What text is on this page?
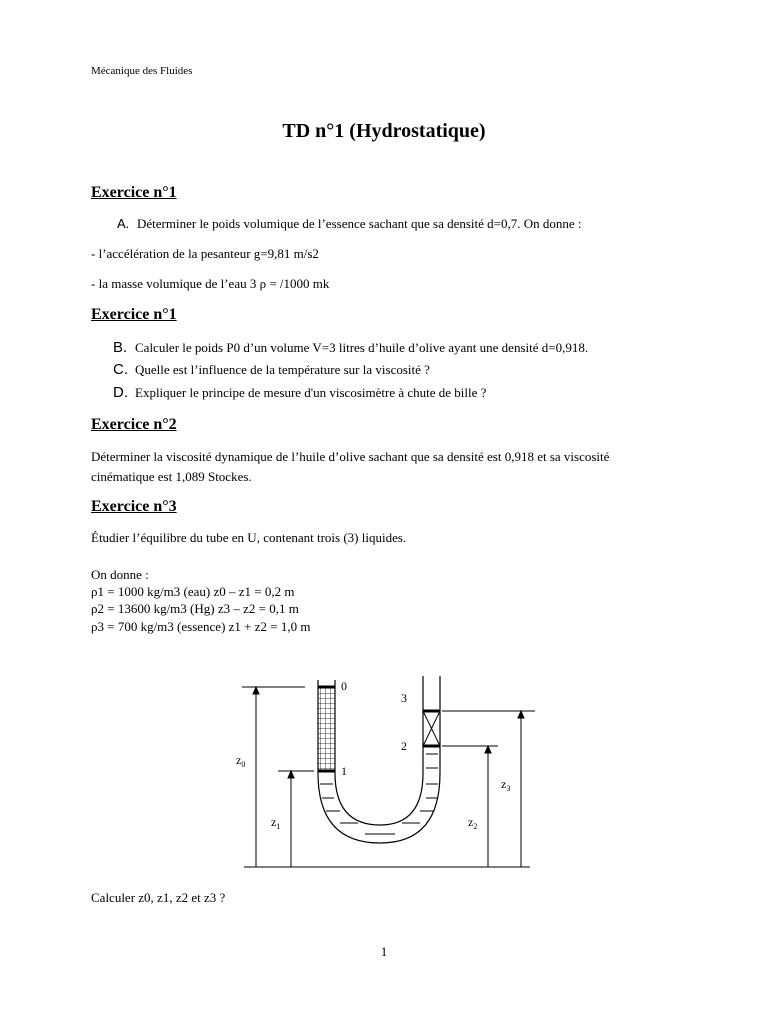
Mécanique des Fluides
TD n°1 (Hydrostatique)
Exercice n°1
A. Déterminer le poids volumique de l’essence sachant que sa densité d=0,7. On donne :
- l’accélération de la pesanteur g=9,81 m/s2
- la masse volumique de l’eau 3 ρ = /1000 mk
Exercice n°1
B. Calculer le poids P0 d’un volume V=3 litres d’huile d’olive ayant une densité d=0,918.
C. Quelle est l’influence de la température sur la viscosité ?
D. Expliquer le principe de mesure d'un viscosimètre à chute de bille ?
Exercice n°2
Déterminer la viscosité dynamique de l’huile d’olive sachant que sa densité est 0,918 et sa viscosité cinématique est 1,089 Stockes.
Exercice n°3
Étudier l’équilibre du tube en U, contenant trois (3) liquides.
On donne :
ρ1 = 1000 kg/m3 (eau) z0 – z1 = 0,2 m
ρ2 = 13600 kg/m3 (Hg) z3 – z2 = 0,1 m
ρ3 = 700 kg/m3 (essence) z1 + z2 = 1,0 m
0
1
3
2
$z_0$
$z_1$	$z_2$
$z_3$
Calculer z0, z1, z2 et z3 ?
1
